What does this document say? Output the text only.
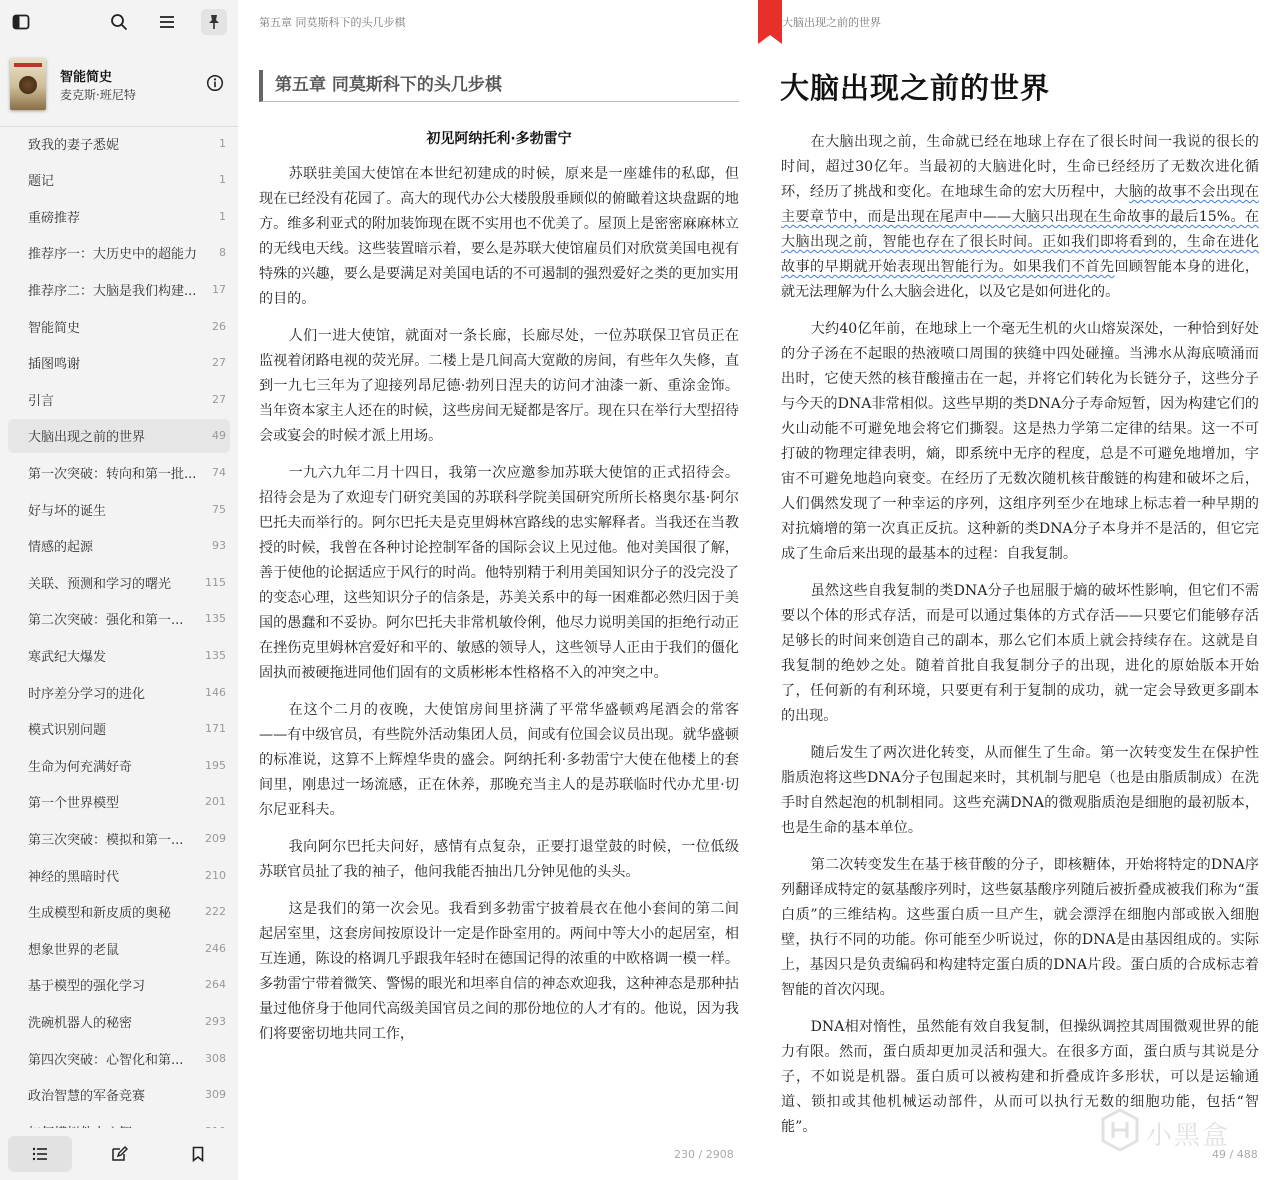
智能简史
麦克斯·班尼特
致我的妻子悉妮	1
题记	1
重磅推荐	1
推荐序一：大历史中的超能力 8
推荐序二：大脑是我们构建... 17
智能简史	26
插图鸣谢	27
引言	27
大脑出现之前的世界	49
第一次突破：转向和第一批... 74
好与坏的诞生	75
情感的起源	93
关联、预测和学习的曙光	115
第二次突破：强化和第一... 135
寒武纪大爆发	135
时序差分学习的进化	146
模式识别问题	171
生命为何充满好奇	195
第一个世界模型	201
第三次突破：模拟和第一... 209
神经的黑暗时代	210
生成模型和新皮质的奥秘	222
想象世界的老鼠	246
基于模型的强化学习	264
洗碗机器人的秘密	293
第四次突破：心智化和第... 308
政治智慧的军备竞赛	309
第五章 同莫斯科下的头几步棋
第五章 同莫斯科下的头几步棋
初见阿纳托利·多勃雷宁

苏联驻美国大使馆在本世纪初建成的时候，原来是一座雄伟的私邸，但现在已经没有花园了。高大的现代办公大楼殷殷垂顾似的俯瞰着这块盘踞的地方。维多利亚式的附加装饰现在既不实用也不优美了。屋顶上是密密麻麻林立的无线电天线。这些装置暗示着，要么是苏联大使馆雇员们对欣赏美国电视有特殊的兴趣，要么是要满足对美国电话的不可遏制的强烈爱好之类的更加实用的目的。

人们一进大使馆，就面对一条长廊，长廊尽处，一位苏联保卫官员正在监视着闭路电视的荧光屏。二楼上是几间高大宽敞的房间，有些年久失修，直到一九七三年为了迎接列昂尼德·勃列日涅夫的访问才油漆一新、重涂金饰。当年资本家主人还在的时候，这些房间无疑都是客厅。现在只在举行大型招待会或宴会的时候才派上用场。

一九六九年二月十四日，我第一次应邀参加苏联大使馆的正式招待会。招待会是为了欢迎专门研究美国的苏联科学院美国研究所所长格奥尔基·阿尔巴托夫而举行的。阿尔巴托夫是克里姆林宫路线的忠实解释者。当我还在当教授的时候，我曾在各种讨论控制军备的国际会议上见过他。他对美国很了解，善于使他的论据适应于风行的时尚。他特别精于利用美国知识分子的没完没了的变态心理，这些知识分子的信条是，苏美关系中的每一困难都必然归因于美国的愚蠢和不妥协。阿尔巴托夫非常机敏伶俐，他尽力说明美国的拒绝行动正在挫伤克里姆林宫爱好和平的、敏感的领导人，这些领导人正由于我们的僵化固执而被硬拖进同他们固有的文质彬彬本性格格不入的冲突之中。

在这个二月的夜晚，大使馆房间里挤满了平常华盛顿鸡尾酒会的常客——有中级官员，有些院外活动集团人员，间或有位国会议员出现。就华盛顿的标准说，这算不上辉煌华贵的盛会。阿纳托利·多勃雷宁大使在他楼上的套间里，刚患过一场流感，正在休养，那晚充当主人的是苏联临时代办尤里·切尔尼亚科夫。

我向阿尔巴托夫问好，感情有点复杂，正要打退堂鼓的时候，一位低级苏联官员扯了我的袖子，他问我能否抽出几分钟见他的头头。

这是我们的第一次会见。我看到多勃雷宁披着晨衣在他小套间的第二间起居室里，这套房间按原设计一定是作卧室用的。两间中等大小的起居室，相互连通，陈设的格调几乎跟我年轻时在德国记得的浓重的中欧格调一模一样。多勃雷宁带着微笑、警惕的眼光和坦率自信的神态欢迎我，这种神态是那种拈量过他侪身于他同代高级美国官员之间的那份地位的人才有的。他说，因为我们将要密切地共同工作，

230 / 2908
大脑出现之前的世界
大脑出现之前的世界

在大脑出现之前，生命就已经在地球上存在了很长时间一我说的很长的时间，超过30亿年。当最初的大脑进化时，生命已经经历了无数次进化循环，经历了挑战和变化。在地球生命的宏大历程中，大脑的故事不会出现在主要章节中，而是出现在尾声中——大脑只出现在生命故事的最后15%。在大脑出现之前，智能也存在了很长时间。正如我们即将看到的，生命在进化故事的早期就开始表现出智能行为。如果我们不首先回顾智能本身的进化，就无法理解为什么大脑会进化，以及它是如何进化的。

大约40亿年前，在地球上一个毫无生机的火山熔炭深处，一种恰到好处的分子汤在不起眼的热液喷口周围的狭缝中四处碰撞。当沸水从海底喷涌而出时，它使天然的核苷酸撞击在一起，并将它们转化为长链分子，这些分子与今天的DNA非常相似。这些早期的类DNA分子寿命短暂，因为构建它们的火山动能不可避免地会将它们撕裂。这是热力学第二定律的结果。这一不可打破的物理定律表明，熵，即系统中无序的程度，总是不可避免地增加，宇宙不可避免地趋向衰变。在经历了无数次随机核苷酸链的构建和破坏之后，人们偶然发现了一种幸运的序列，这组序列至少在地球上标志着一种早期的对抗熵增的第一次真正反抗。这种新的类DNA分子本身并不是活的，但它完成了生命后来出现的最基本的过程：自我复制。

虽然这些自我复制的类DNA分子也屈服于熵的破坏性影响，但它们不需要以个体的形式存活，而是可以通过集体的方式存活——只要它们能够存活足够长的时间来创造自己的副本，那么它们本质上就会持续存在。这就是自我复制的绝妙之处。随着首批自我复制分子的出现，进化的原始版本开始了，任何新的有利环境，只要更有利于复制的成功，就一定会导致更多副本的出现。

随后发生了两次进化转变，从而催生了生命。第一次转变发生在保护性脂质泡将这些DNA分子包围起来时，其机制与肥皂（也是由脂质制成）在洗手时自然起泡的机制相同。这些充满DNA的微观脂质泡是细胞的最初版本，也是生命的基本单位。

第二次转变发生在基于核苷酸的分子，即核糖体，开始将特定的DNA序列翻译成特定的氨基酸序列时，这些氨基酸序列随后被折叠成被我们称为“蛋白质”的三维结构。这些蛋白质一旦产生，就会漂浮在细胞内部或嵌入细胞壁，执行不同的功能。你可能至少听说过，你的DNA是由基因组成的。实际上，基因只是负责编码和构建特定蛋白质的DNA片段。蛋白质的合成标志着智能的首次闪现。

DNA相对惰性，虽然能有效自我复制，但操纵调控其周围微观世界的能力有限。然而，蛋白质却更加灵活和强大。在很多方面，蛋白质与其说是分子，不如说是机器。蛋白质可以被构建和折叠成许多形状，可以是运输通道、锁扣或其他机械运动部件，从而可以执行无数的细胞功能，包括“智能”。

49 / 488
小黑盒
